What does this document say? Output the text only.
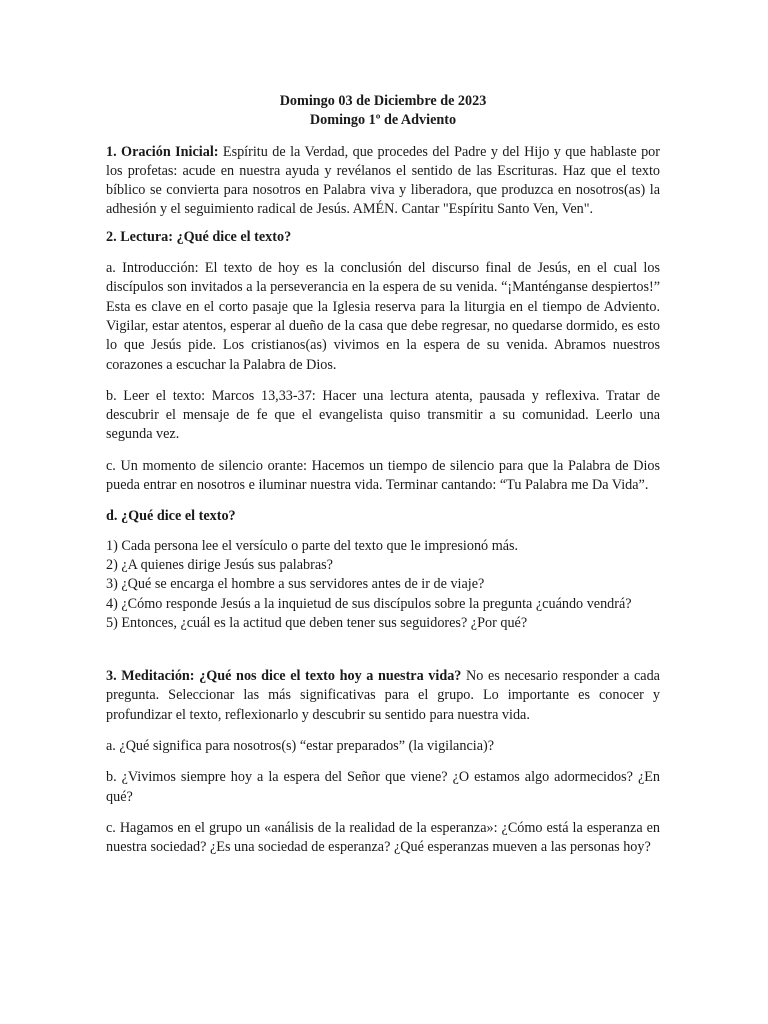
Domingo 03 de Diciembre de 2023

Domingo 1º de Adviento

1. Oración Inicial: Espíritu de la Verdad, que procedes del Padre y del Hijo y que hablaste por los profetas: acude en nuestra ayuda y revélanos el sentido de las Escrituras. Haz que el texto bíblico se convierta para nosotros en Palabra viva y liberadora, que produzca en nosotros(as) la adhesión y el seguimiento radical de Jesús. AMÉN. Cantar "Espíritu Santo Ven, Ven".

2. Lectura: ¿Qué dice el texto?

a. Introducción: El texto de hoy es la conclusión del discurso final de Jesús, en el cual los discípulos son invitados a la perseverancia en la espera de su venida. “¡Manténganse despiertos!” Esta es clave en el corto pasaje que la Iglesia reserva para la liturgia en el tiempo de Adviento. Vigilar, estar atentos, esperar al dueño de la casa que debe regresar, no quedarse dormido, es esto lo que Jesús pide. Los cristianos(as) vivimos en la espera de su venida. Abramos nuestros corazones a escuchar la Palabra de Dios.

b. Leer el texto: Marcos 13,33-37: Hacer una lectura atenta, pausada y reflexiva. Tratar de descubrir el mensaje de fe que el evangelista quiso transmitir a su comunidad. Leerlo una segunda vez.

c. Un momento de silencio orante: Hacemos un tiempo de silencio para que la Palabra de Dios pueda entrar en nosotros e iluminar nuestra vida. Terminar cantando: “Tu Palabra me Da Vida”.

d. ¿Qué dice el texto?

1) Cada persona lee el versículo o parte del texto que le impresionó más.
2) ¿A quienes dirige Jesús sus palabras?
3) ¿Qué se encarga el hombre a sus servidores antes de ir de viaje?
4) ¿Cómo responde Jesús a la inquietud de sus discípulos sobre la pregunta ¿cuándo vendrá?
5) Entonces, ¿cuál es la actitud que deben tener sus seguidores? ¿Por qué?

3. Meditación: ¿Qué nos dice el texto hoy a nuestra vida? No es necesario responder a cada pregunta. Seleccionar las más significativas para el grupo. Lo importante es conocer y profundizar el texto, reflexionarlo y descubrir su sentido para nuestra vida.

a. ¿Qué significa para nosotros(s) “estar preparados” (la vigilancia)?

b. ¿Vivimos siempre hoy a la espera del Señor que viene? ¿O estamos algo adormecidos? ¿En qué?

c. Hagamos en el grupo un «análisis de la realidad de la esperanza»: ¿Cómo está la esperanza en nuestra sociedad? ¿Es una sociedad de esperanza? ¿Qué esperanzas mueven a las personas hoy?
